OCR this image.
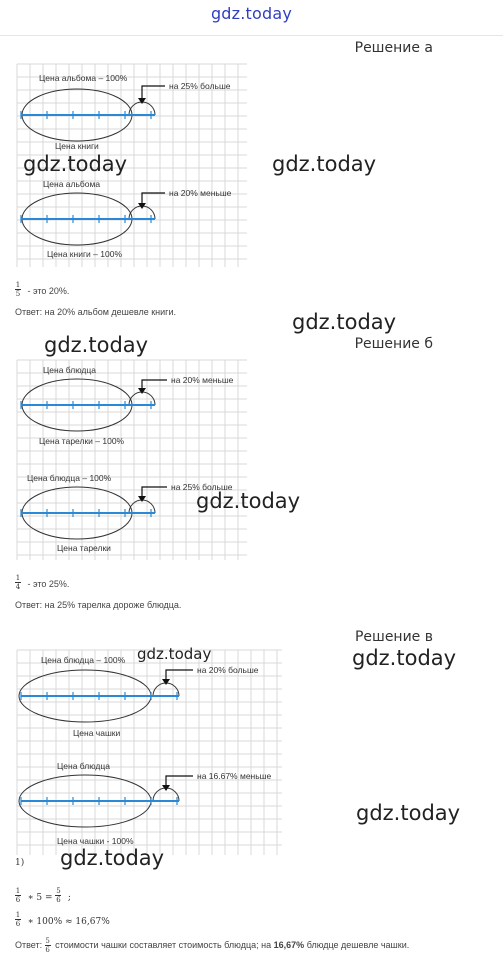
gdz.today
Решение а
Цена альбома – 100%
на 25% больше
Цена книги
Цена альбома
на 20% меньше
Цена книги – 100%
$\frac{1}{5}$ - это 20%.
Ответ: на 20% альбом дешевле книги.
Решение б
Цена блюдца
на 20% меньше
Цена тарелки – 100%
Цена блюдца – 100%
на 25% больше
Цена тарелки
$\frac{1}{4}$ - это 25%.
Ответ: на 25% тарелка дороже блюдца.
Решение в
Цена блюдца – 100%
на 20% больше
Цена чашки
Цена блюдца
на 16.67% меньше
Цена чашки - 100%
1)
$\frac{1}{6}$ ∗ $5 = \frac{5}{6}$ ;
$\frac{1}{6}$ ∗ 100% ≈ 16,67%
Ответ: $\frac{5}{6}$ стоимости чашки составляет стоимость блюдца; на 16,67% блюдце дешевле чашки.
gdz.today	gdz.today
gdz.today
gdz.today
gdz.today
gdz.today	gdz.today
gdz.today
gdz.today
